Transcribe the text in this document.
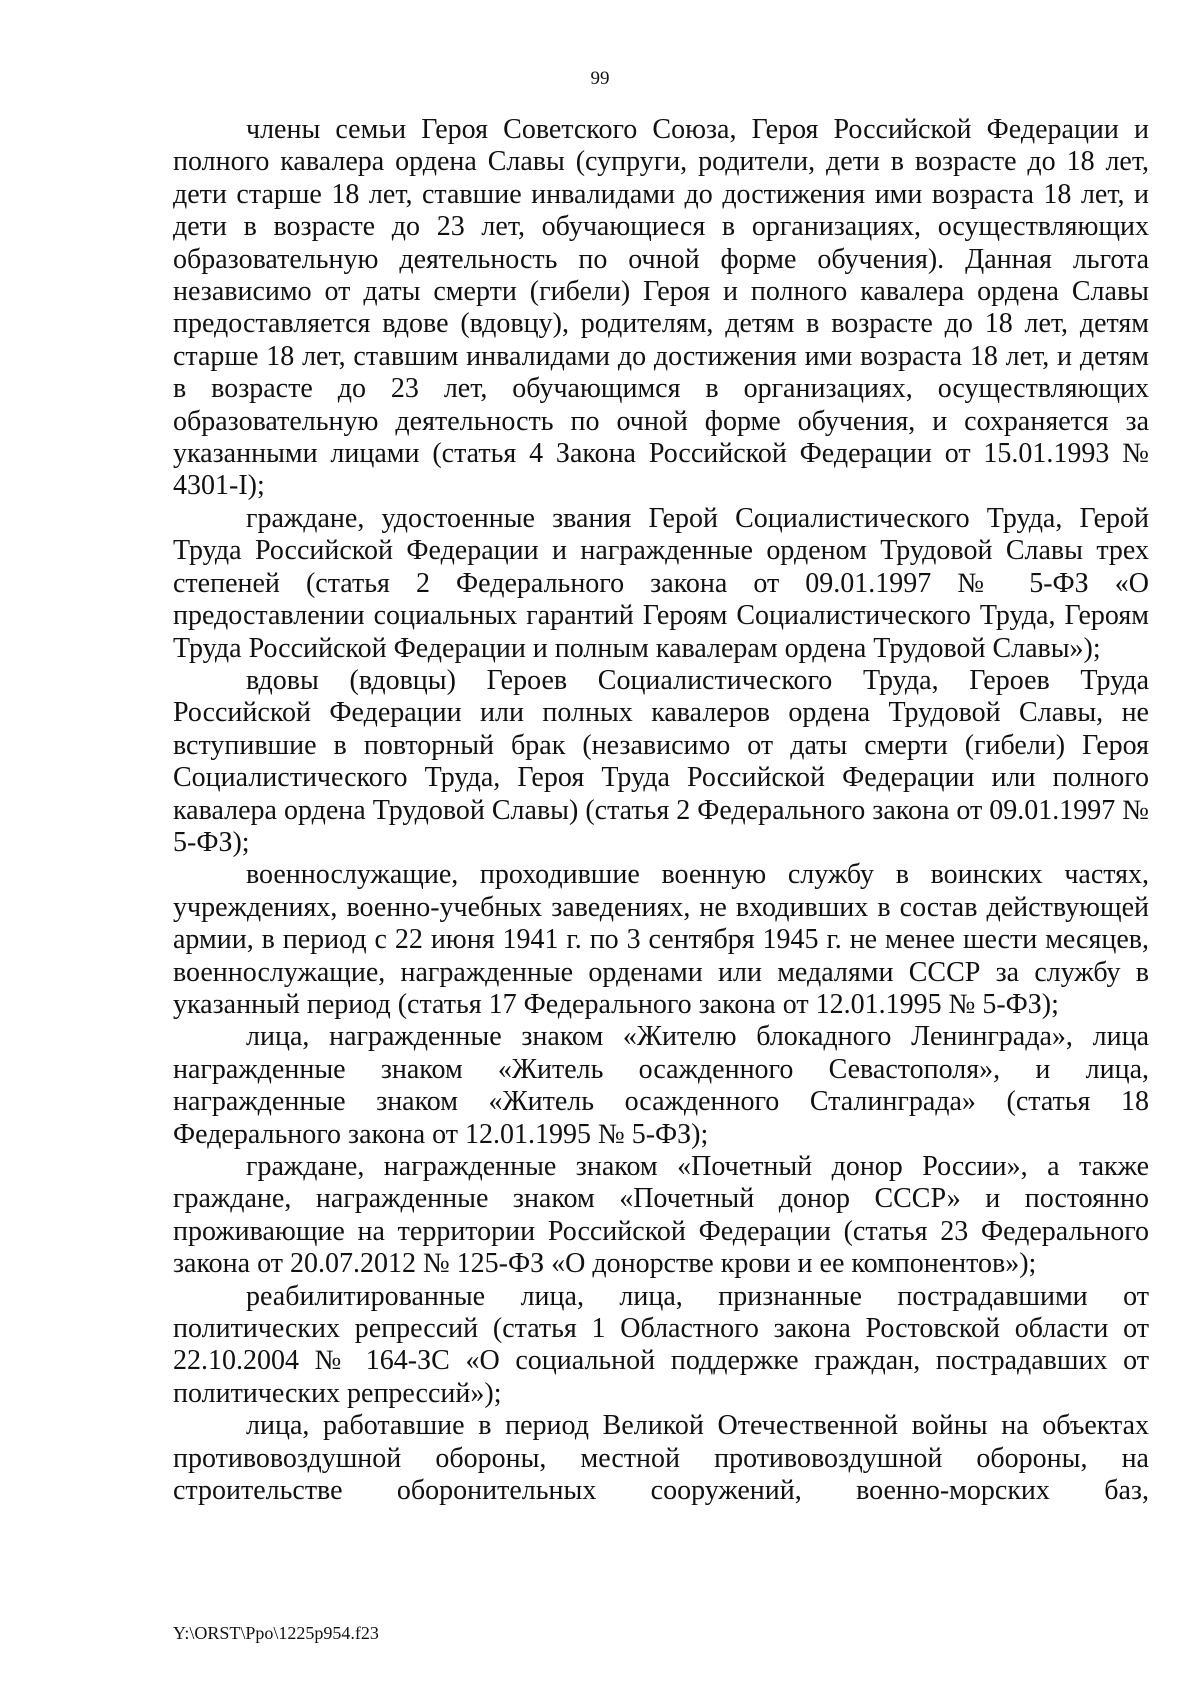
99

члены семьи Героя Советского Союза, Героя Российской Федерации и полного кавалера ордена Славы (супруги, родители, дети в возрасте до 18 лет, дети старше 18 лет, ставшие инвалидами до достижения ими возраста 18 лет, и дети в возрасте до 23 лет, обучающиеся в организациях, осуществляющих образовательную деятельность по очной форме обучения). Данная льгота независимо от даты смерти (гибели) Героя и полного кавалера ордена Славы предоставляется вдове (вдовцу), родителям, детям в возрасте до 18 лет, детям старше 18 лет, ставшим инвалидами до достижения ими возраста 18 лет, и детям в возрасте до 23 лет, обучающимся в организациях, осуществляющих образовательную деятельность по очной форме обучения, и сохраняется за указанными лицами (статья 4 Закона Российской Федерации от 15.01.1993 № 4301-I);

граждане, удостоенные звания Герой Социалистического Труда, Герой Труда Российской Федерации и награжденные орденом Трудовой Славы трех степеней (статья 2 Федерального закона от 09.01.1997 № 5-ФЗ «О предоставлении социальных гарантий Героям Социалистического Труда, Героям Труда Российской Федерации и полным кавалерам ордена Трудовой Славы»);

вдовы (вдовцы) Героев Социалистического Труда, Героев Труда Российской Федерации или полных кавалеров ордена Трудовой Славы, не вступившие в повторный брак (независимо от даты смерти (гибели) Героя Социалистического Труда, Героя Труда Российской Федерации или полного кавалера ордена Трудовой Славы) (статья 2 Федерального закона от 09.01.1997 № 5-ФЗ);

военнослужащие, проходившие военную службу в воинских частях, учреждениях, военно-учебных заведениях, не входивших в состав действующей армии, в период с 22 июня 1941 г. по 3 сентября 1945 г. не менее шести месяцев, военнослужащие, награжденные орденами или медалями СССР за службу в указанный период (статья 17 Федерального закона от 12.01.1995 № 5-ФЗ);

лица, награжденные знаком «Жителю блокадного Ленинграда», лица награжденные знаком «Житель осажденного Севастополя», и лица, награжденные знаком «Житель осажденного Сталинграда» (статья 18 Федерального закона от 12.01.1995 № 5-ФЗ);

граждане, награжденные знаком «Почетный донор России», а также граждане, награжденные знаком «Почетный донор СССР» и постоянно проживающие на территории Российской Федерации (статья 23 Федерального закона от 20.07.2012 № 125-ФЗ «О донорстве крови и ее компонентов»);

реабилитированные лица, лица, признанные пострадавшими от политических репрессий (статья 1 Областного закона Ростовской области от 22.10.2004 № 164-ЗС «О социальной поддержке граждан, пострадавших от политических репрессий»);

лица, работавшие в период Великой Отечественной войны на объектах противовоздушной обороны, местной противовоздушной обороны, на строительстве оборонительных сооружений, военно-морских баз,

Y:\ORST\Ppo\1225p954.f23
